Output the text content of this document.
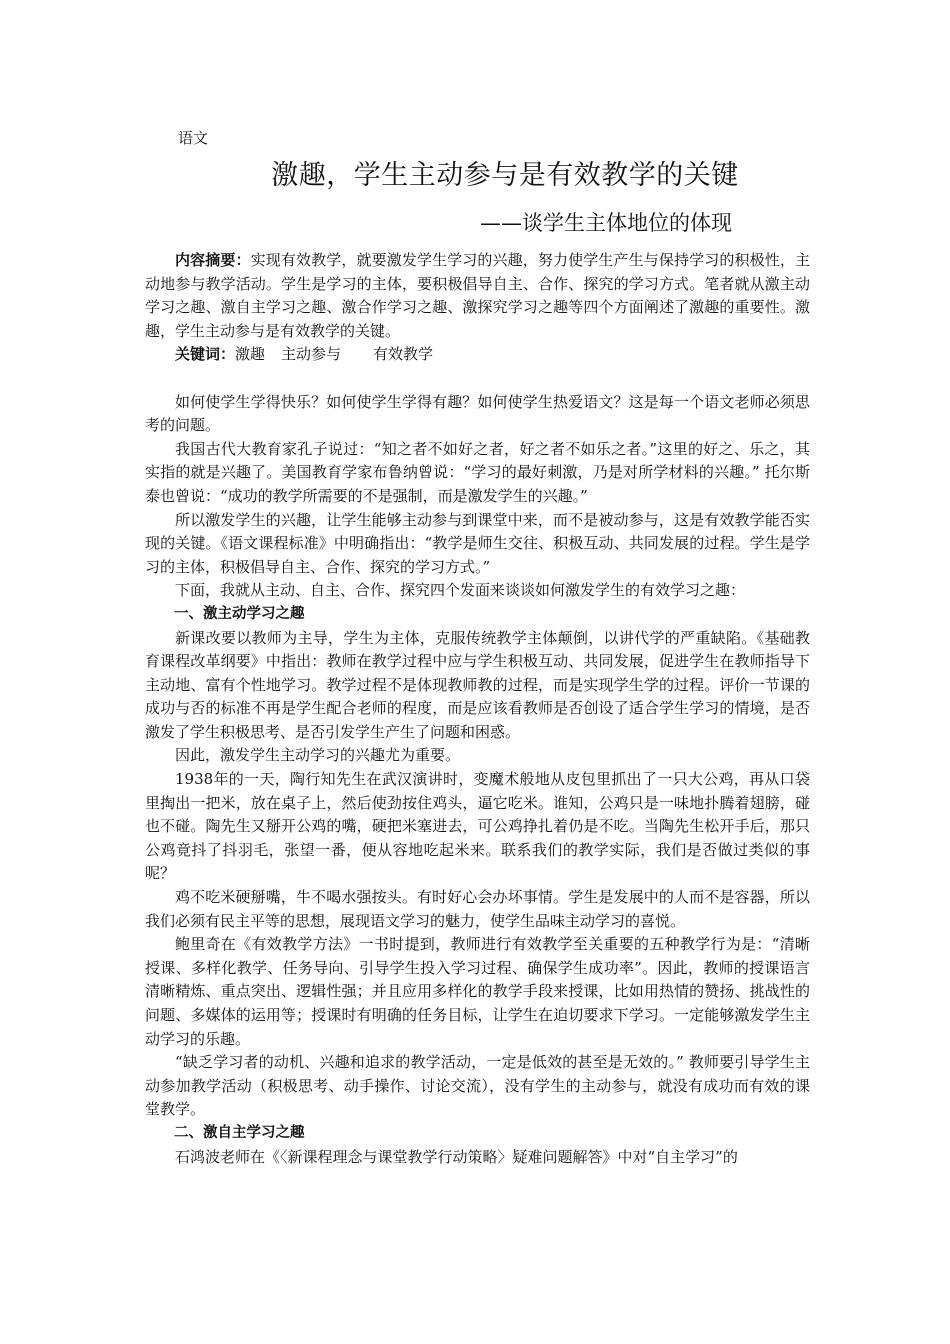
语文
激趣，学生主动参与是有效教学的关键
——谈学生主体地位的体现

内容摘要：实现有效教学，就要激发学生学习的兴趣，努力使学生产生与保持学习的积极性，主动地参与教学活动。学生是学习的主体，要积极倡导自主、合作、探究的学习方式。笔者就从激主动学习之趣、激自主学习之趣、激合作学习之趣、激探究学习之趣等四个方面阐述了激趣的重要性。激趣，学生主动参与是有效教学的关键。

关键词：激趣 主动参与 有效教学

如何使学生学得快乐？如何使学生学得有趣？如何使学生热爱语文？这是每一个语文老师必须思考的问题。

我国古代大教育家孔子说过：“知之者不如好之者，好之者不如乐之者。”这里的好之、乐之，其实指的就是兴趣了。美国教育学家布鲁纳曾说：“学习的最好刺激，乃是对所学材料的兴趣。” 托尔斯泰也曾说：“成功的教学所需要的不是强制，而是激发学生的兴趣。”

所以激发学生的兴趣，让学生能够主动参与到课堂中来，而不是被动参与，这是有效教学能否实现的关键。《语文课程标准》中明确指出：“教学是师生交往、积极互动、共同发展的过程。学生是学习的主体，积极倡导自主、合作、探究的学习方式。”

下面，我就从主动、自主、合作、探究四个发面来谈谈如何激发学生的有效学习之趣：

一、激主动学习之趣

新课改要以教师为主导，学生为主体，克服传统教学主体颠倒，以讲代学的严重缺陷。《基础教育课程改革纲要》中指出：教师在教学过程中应与学生积极互动、共同发展，促进学生在教师指导下主动地、富有个性地学习。教学过程不是体现教师教的过程，而是实现学生学的过程。评价一节课的成功与否的标准不再是学生配合老师的程度，而是应该看教师是否创设了适合学生学习的情境，是否激发了学生积极思考、是否引发学生产生了问题和困惑。

因此，激发学生主动学习的兴趣尤为重要。

1938年的一天，陶行知先生在武汉演讲时，变魔术般地从皮包里抓出了一只大公鸡，再从口袋里掏出一把米，放在桌子上，然后使劲按住鸡头，逼它吃米。谁知，公鸡只是一味地扑腾着翅膀，碰也不碰。陶先生又掰开公鸡的嘴，硬把米塞进去，可公鸡挣扎着仍是不吃。当陶先生松开手后，那只公鸡竟抖了抖羽毛，张望一番，便从容地吃起米来。联系我们的教学实际，我们是否做过类似的事呢？

鸡不吃米硬掰嘴，牛不喝水强按头。有时好心会办坏事情。学生是发展中的人而不是容器，所以我们必须有民主平等的思想，展现语文学习的魅力，使学生品味主动学习的喜悦。

鲍里奇在《有效教学方法》一书时提到，教师进行有效教学至关重要的五种教学行为是：“清晰授课、多样化教学、任务导向、引导学生投入学习过程、确保学生成功率”。因此，教师的授课语言清晰精炼、重点突出、逻辑性强；并且应用多样化的教学手段来授课，比如用热情的赞扬、挑战性的问题、多媒体的运用等；授课时有明确的任务目标，让学生在迫切要求下学习。一定能够激发学生主动学习的乐趣。

“缺乏学习者的动机、兴趣和追求的教学活动，一定是低效的甚至是无效的。” 教师要引导学生主动参加教学活动（积极思考、动手操作、讨论交流），没有学生的主动参与，就没有成功而有效的课堂教学。

二、激自主学习之趣

石鸿波老师在《〈新课程理念与课堂教学行动策略〉疑难问题解答》中对“自主学习”的
